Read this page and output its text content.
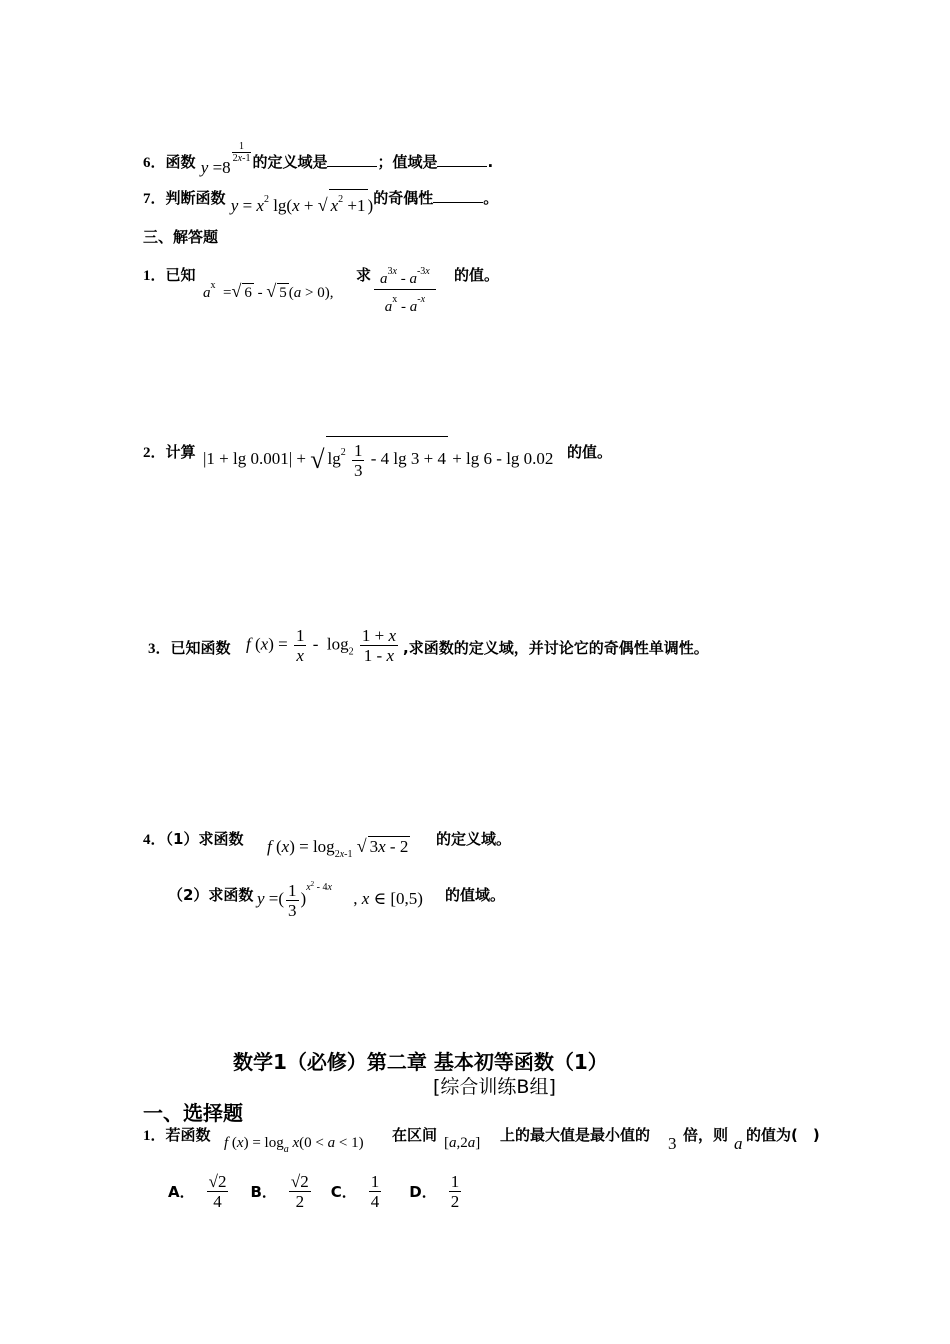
6．函数 y =8
$\frac{1}{2x-1}$ 的定义域是	；值域是	.
7．判断函数 $y = x^2$ lg(x + √ $x^2 +1$ )的奇偶性	。
三、解答题
1．已知
$a^x$  =√ 6 - √ 5 (a > 0),
求 $\frac{a^{3x} - a^{-3x}}{a^x - a^{-x}}$ 的值。
2．计算 |1 + lg 0.001| + √ $\lg^2 \frac{1}{3} - 4$ lg 3 + 4 + lg 6 - lg 0.02 的值。
3．已知函数 f $(x) = \frac{1}{x} - \log_2 \frac{1 + x}{1 - x}$ ,求函数的定义域，并讨论它的奇偶性单调性。
4．（1）求函数 f $(x) = \log_{2x-1}$ √ 3x - 2 的定义域。
（2）求函数 y =( $\frac{1}{3} )^{x^2 - 4x}$     , x ∈ [0,5) 的值域。
数学1（必修）第二章 基本初等函数（1）
[综合训练B组]
一、选择题
1．若函数 f $(x) = \log_a x(0 < a < 1)$ 在区间 [a,2a] 上的最大值是最小值的 3 倍，则 a 的值为(　)
A． $\frac{√2}{4}$ B． $\frac{√2}{2}$ C． $\frac{1}{4}$ D． $\frac{1}{2}$
